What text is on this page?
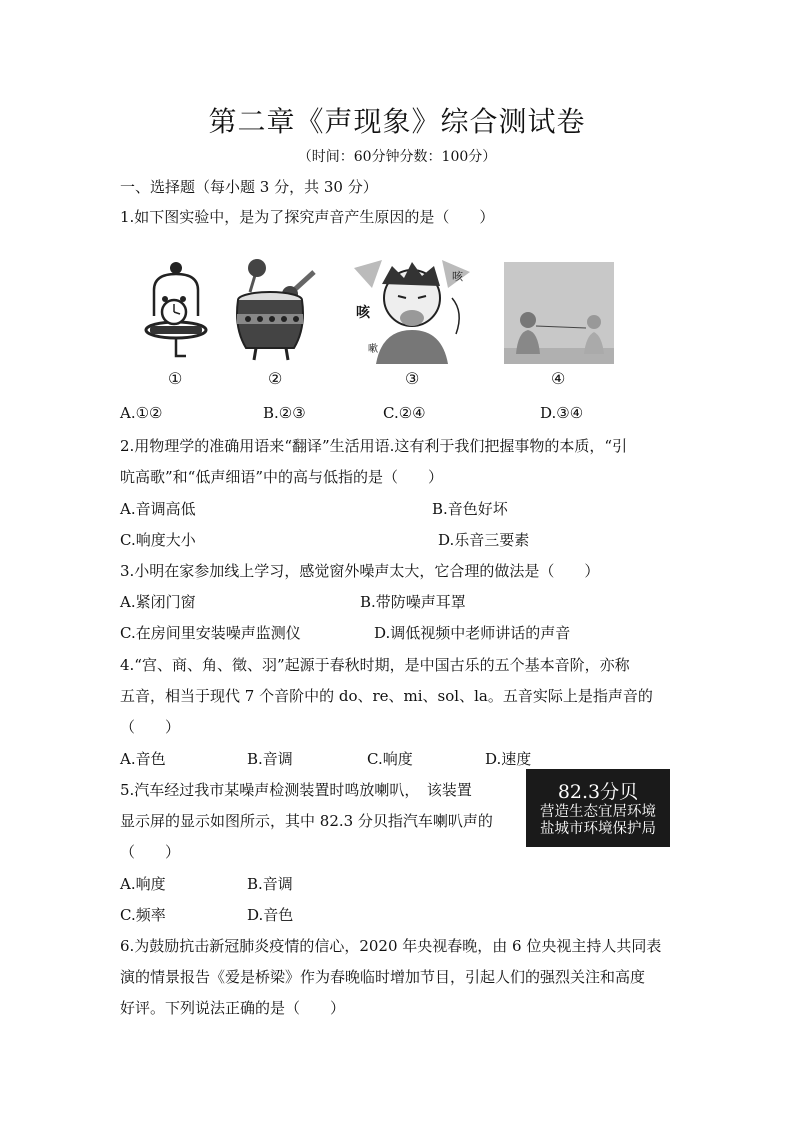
第二章《声现象》综合测试卷
（时间：60分钟分数：100分）
一、选择题（每小题 3 分，共 30 分）
1.如下图实验中，是为了探究声音产生原因的是（　　）
咳
嗽
咳
①	②	③	④
A.①②	B.②③	C.②④	D.③④
2.用物理学的准确用语来“翻译”生活用语.这有利于我们把握事物的本质，“引
吭高歌”和“低声细语”中的高与低指的是（　　）
A.音调高低	B.音色好坏
C.响度大小	D.乐音三要素
3.小明在家参加线上学习，感觉窗外噪声太大，它合理的做法是（　　）
A.紧闭门窗	B.带防噪声耳罩
C.在房间里安装噪声监测仪	D.调低视频中老师讲话的声音
4.“宫、商、角、徵、羽”起源于春秋时期，是中国古乐的五个基本音阶，亦称
五音，相当于现代 7 个音阶中的 do、re、mi、sol、la。五音实际上是指声音的
（　　）
A.音色	B.音调	C.响度	D.速度
5.汽车经过我市某噪声检测装置时鸣放喇叭，　该装置
显示屏的显示如图所示，其中 82.3 分贝指汽车喇叭声的
（　　）
82.3分贝
营造生态宜居环境
盐城市环境保护局
A.响度	B.音调
C.频率	D.音色
6.为鼓励抗击新冠肺炎疫情的信心，2020 年央视春晚，由 6 位央视主持人共同表
演的情景报告《爱是桥梁》作为春晚临时增加节目，引起人们的强烈关注和高度
好评。下列说法正确的是（　　）
